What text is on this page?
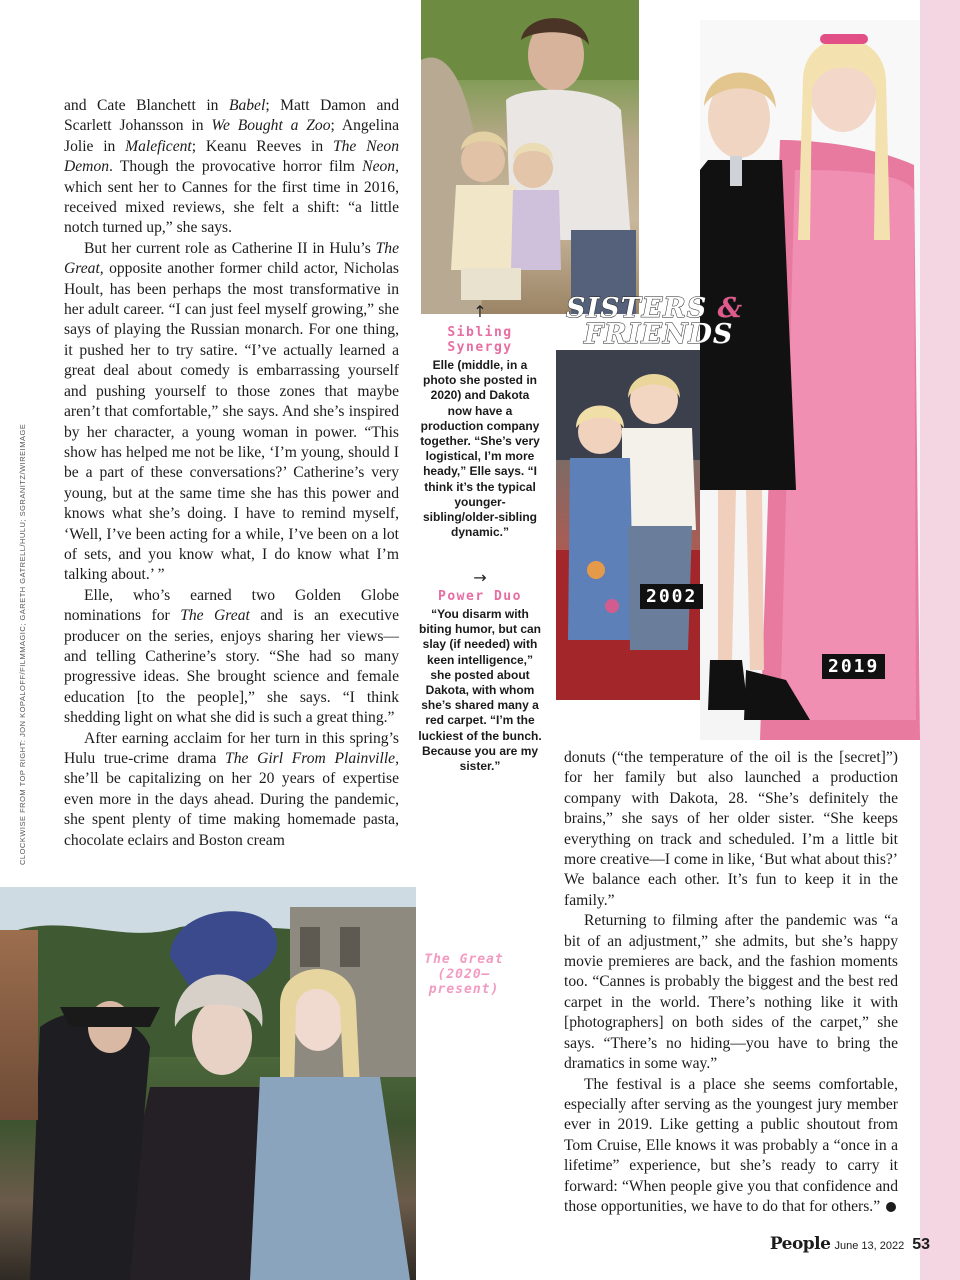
CLOCKWISE FROM TOP RIGHT: JON KOPALOFF/FILMMAGIC; GARETH GATRELL/HULU; SGRANITZ/WIREIMAGE

and Cate Blanchett in Babel; Matt Damon and Scarlett Johansson in We Bought a Zoo; Angelina Jolie in Maleficent; Keanu Reeves in The Neon Demon. Though the provocative horror film Neon, which sent her to Cannes for the first time in 2016, received mixed reviews, she felt a shift: “a little notch turned up,” she says.

But her current role as Catherine II in Hulu’s The Great, opposite another former child actor, Nicholas Hoult, has been perhaps the most transformative in her adult career. “I can just feel myself growing,” she says of playing the Russian monarch. For one thing, it pushed her to try satire. “I’ve actually learned a great deal about comedy is embarrassing yourself and pushing yourself to those zones that maybe aren’t that comfortable,” she says. And she’s inspired by her character, a young woman in power. “This show has helped me not be like, ‘I’m young, should I be a part of these conversations?’ Catherine’s very young, but at the same time she has this power and knows what she’s doing. I have to remind myself, ‘Well, I’ve been acting for a while, I’ve been on a lot of sets, and you know what, I do know what I’m talking about.’ ”

Elle, who’s earned two Golden Globe nominations for The Great and is an executive producer on the series, enjoys sharing her views—and telling Catherine’s story. “She had so many progressive ideas. She brought science and female education [to the people],” she says. “I think shedding light on what she did is such a great thing.”

After earning acclaim for her turn in this spring’s Hulu true-crime drama The Girl From Plainville, she’ll be capitalizing on her 20 years of expertise even more in the days ahead. During the pandemic, she spent plenty of time making homemade pasta, chocolate eclairs and Boston cream

donuts (“the temperature of the oil is the [secret]”) for her family but also launched a production company with Dakota, 28. “She’s definitely the brains,” she says of her older sister. “She keeps everything on track and scheduled. I’m a little bit more creative—I come in like, ‘But what about this?’ We balance each other. It’s fun to keep it in the family.”

Returning to filming after the pandemic was “a bit of an adjustment,” she admits, but she’s happy movie premieres are back, and the fashion moments too. “Cannes is probably the biggest and the best red carpet in the world. There’s nothing like it with [photographers] on both sides of the carpet,” she says. “There’s no hiding—you have to bring the dramatics in some way.”

The festival is a place she seems comfortable, especially after serving as the youngest jury member ever in 2019. Like getting a public shoutout from Tom Cruise, Elle knows it was probably a “once in a lifetime” experience, but she’s ready to carry it forward: “When people give you that confidence and those opportunities, we have to do that for others.”

SISTERS &
FRIENDS
2002
2019
↑
Sibling Synergy
Elle (middle, in a photo she posted in 2020) and Dakota now have a production company together. “She’s very logistical, I’m more heady,” Elle says. “I think it’s the typical younger-sibling/older-sibling dynamic.”
→
Power Duo
“You disarm with biting humor, but can slay (if needed) with keen intelligence,” she posted about Dakota, with whom she’s shared many a red carpet. “I’m the luckiest of the bunch. Because you are my sister.”
The Great
(2020–
present)
“She’s very messy; she’s not always the strongest woman in the room,” Elle (with Gillian Anderson) says of Catherine. “But it is a feminist show.”
People June 13, 2022 53
